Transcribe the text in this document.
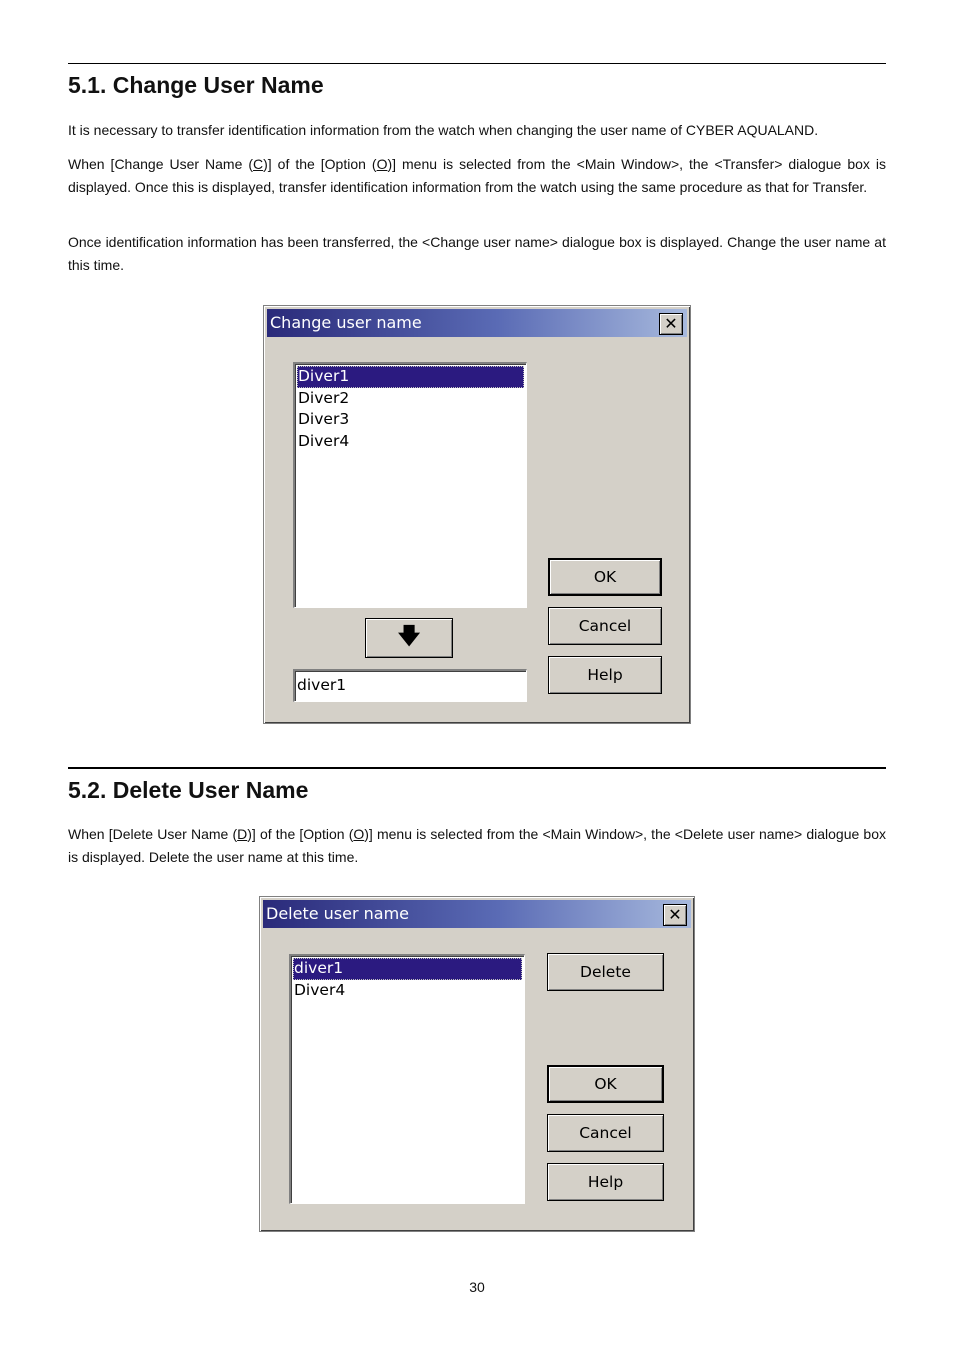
5.1. Change User Name

It is necessary to transfer identification information from the watch when changing the user name of CYBER AQUALAND.

When [Change User Name (C)] of the [Option (O)] menu is selected from the <Main Window>, the <Transfer> dialogue box is displayed. Once this is displayed, transfer identification information from the watch using the same procedure as that for Transfer.

Once identification information has been transferred, the <Change user name> dialogue box is displayed. Change the user name at this time.

Change user name	✕
Diver1
Diver2
Diver3
Diver4
🡇
diver1
OK
Cancel
Help
5.2. Delete User Name

When [Delete User Name (D)] of the [Option (O)] menu is selected from the <Main Window>, the <Delete user name> dialogue box is displayed. Delete the user name at this time.

Delete user name	✕
diver1
Diver4
Delete
OK
Cancel
Help
30
